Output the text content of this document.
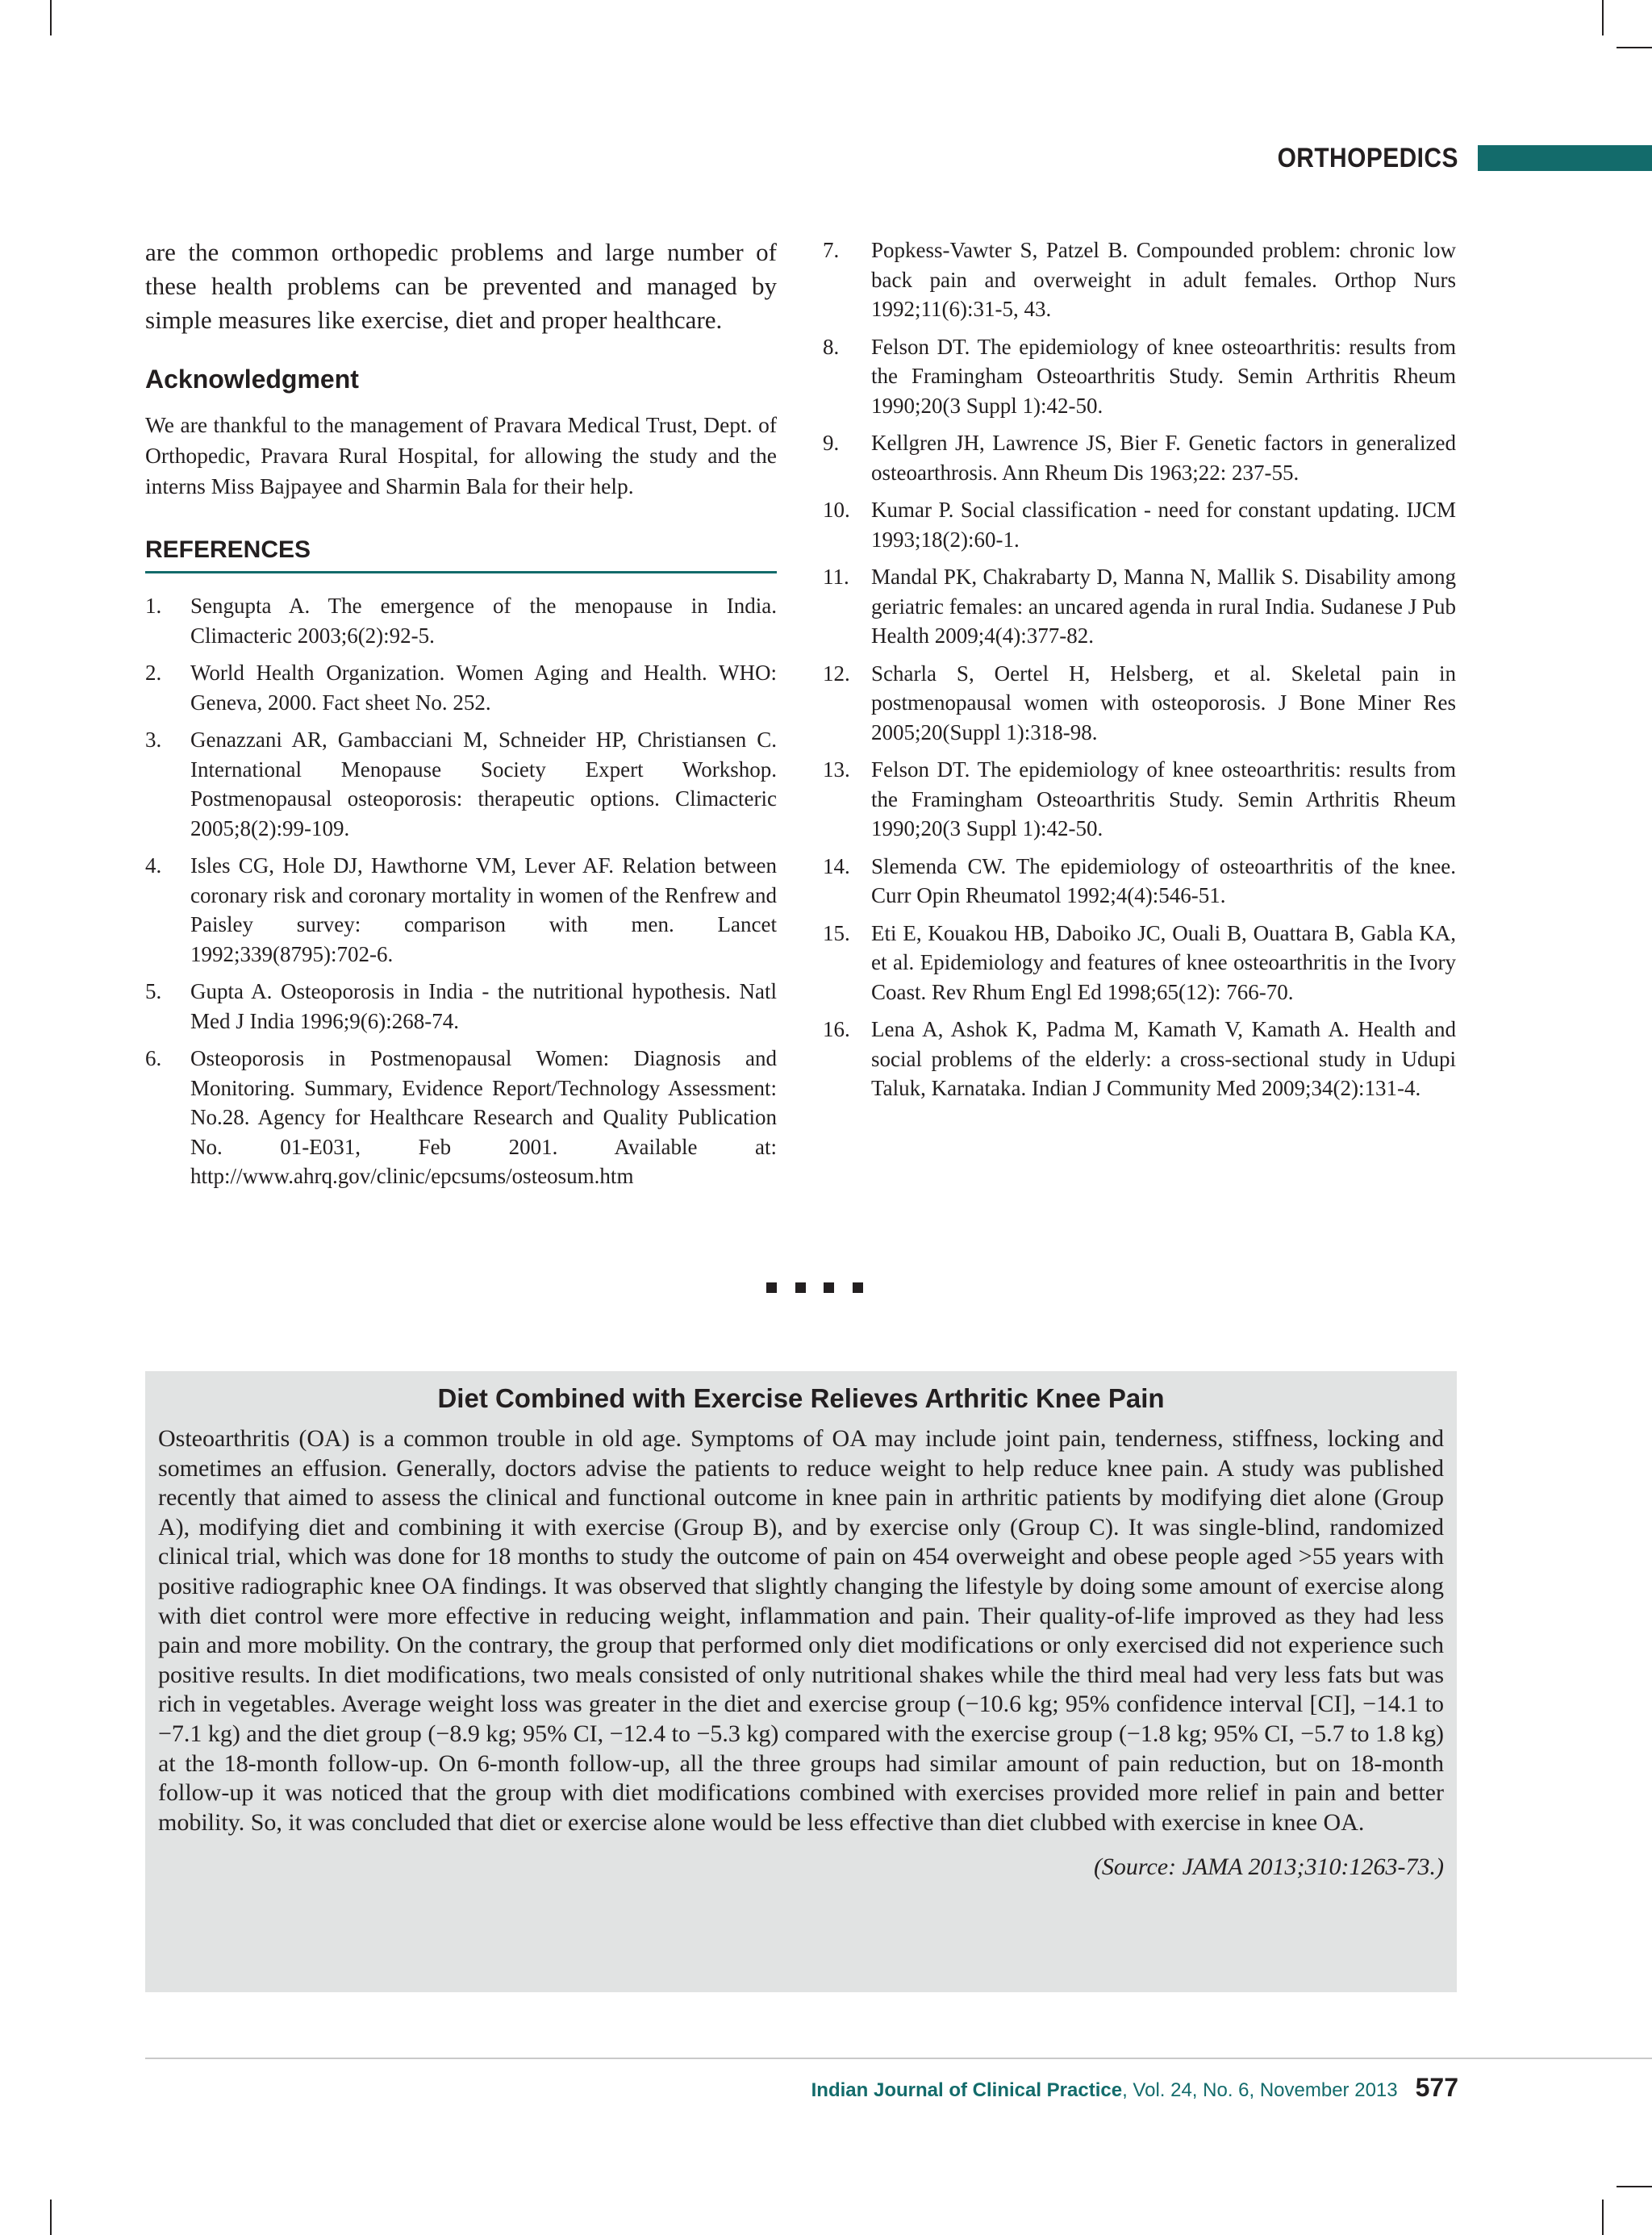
ORTHOPEDICS

are the common orthopedic problems and large number of these health problems can be prevented and managed by simple measures like exercise, diet and proper healthcare.

Acknowledgment

We are thankful to the management of Pravara Medical Trust, Dept. of Orthopedic, Pravara Rural Hospital, for allowing the study and the interns Miss Bajpayee and Sharmin Bala for their help.

REFERENCES
1.	Sengupta A. The emergence of the menopause in India. Climacteric 2003;6(2):92-5.
2.	World Health Organization. Women Aging and Health. WHO: Geneva, 2000. Fact sheet No. 252.
3.	Genazzani AR, Gambacciani M, Schneider HP, Christiansen C. International Menopause Society Expert Workshop. Postmenopausal osteoporosis: therapeutic options. Climacteric 2005;8(2):99-109.
4.	Isles CG, Hole DJ, Hawthorne VM, Lever AF. Relation between coronary risk and coronary mortality in women of the Renfrew and Paisley survey: comparison with men. Lancet 1992;339(8795):702-6.
5.	Gupta A. Osteoporosis in India - the nutritional hypothesis. Natl Med J India 1996;9(6):268-74.
6.	Osteoporosis in Postmenopausal Women: Diagnosis and Monitoring. Summary, Evidence Report/Technology Assessment: No.28. Agency for Healthcare Research and Quality Publication No. 01-E031, Feb 2001. Available at: http://www.ahrq.gov/clinic/epcsums/osteosum.htm
7.	Popkess-Vawter S, Patzel B. Compounded problem: chronic low back pain and overweight in adult females. Orthop Nurs 1992;11(6):31-5, 43.
8.	Felson DT. The epidemiology of knee osteoarthritis: results from the Framingham Osteoarthritis Study. Semin Arthritis Rheum 1990;20(3 Suppl 1):42-50.
9.	Kellgren JH, Lawrence JS, Bier F. Genetic factors in generalized osteoarthrosis. Ann Rheum Dis 1963;22: 237-55.
10. Kumar P. Social classification - need for constant updating. IJCM 1993;18(2):60-1.
11.	Mandal PK, Chakrabarty D, Manna N, Mallik S. Disability among geriatric females: an uncared agenda in rural India. Sudanese J Pub Health 2009;4(4):377-82.
12. Scharla S, Oertel H, Helsberg, et al. Skeletal pain in postmenopausal women with osteoporosis. J Bone Miner Res 2005;20(Suppl 1):318-98.
13. Felson DT. The epidemiology of knee osteoarthritis: results from the Framingham Osteoarthritis Study. Semin Arthritis Rheum 1990;20(3 Suppl 1):42-50.
14. Slemenda CW. The epidemiology of osteoarthritis of the knee. Curr Opin Rheumatol 1992;4(4):546-51.
15. Eti E, Kouakou HB, Daboiko JC, Ouali B, Ouattara B, Gabla KA, et al. Epidemiology and features of knee osteoarthritis in the Ivory Coast. Rev Rhum Engl Ed 1998;65(12): 766-70.
16. Lena A, Ashok K, Padma M, Kamath V, Kamath A. Health and social problems of the elderly: a cross-sectional study in Udupi Taluk, Karnataka. Indian J Community Med 2009;34(2):131-4.
Diet Combined with Exercise Relieves Arthritic Knee Pain

Osteoarthritis (OA) is a common trouble in old age. Symptoms of OA may include joint pain, tenderness, stiffness, locking and sometimes an effusion. Generally, doctors advise the patients to reduce weight to help reduce knee pain. A study was published recently that aimed to assess the clinical and functional outcome in knee pain in arthritic patients by modifying diet alone (Group A), modifying diet and combining it with exercise (Group B), and by exercise only (Group C). It was single-blind, randomized clinical trial, which was done for 18 months to study the outcome of pain on 454 overweight and obese people aged >55 years with positive radiographic knee OA findings. It was observed that slightly changing the lifestyle by doing some amount of exercise along with diet control were more effective in reducing weight, inflammation and pain. Their quality-of-life improved as they had less pain and more mobility. On the contrary, the group that performed only diet modifications or only exercised did not experience such positive results. In diet modifications, two meals consisted of only nutritional shakes while the third meal had very less fats but was rich in vegetables. Average weight loss was greater in the diet and exercise group (−10.6 kg; 95% confidence interval [CI], −14.1 to −7.1 kg) and the diet group (−8.9 kg; 95% CI, −12.4 to −5.3 kg) compared with the exercise group (−1.8 kg; 95% CI, −5.7 to 1.8 kg) at the 18-month follow-up. On 6-month follow-up, all the three groups had similar amount of pain reduction, but on 18-month follow-up it was noticed that the group with diet modifications combined with exercises provided more relief in pain and better mobility. So, it was concluded that diet or exercise alone would be less effective than diet clubbed with exercise in knee OA.

(Source: JAMA 2013;310:1263-73.)

Indian Journal of Clinical Practice, Vol. 24, No. 6, November 2013 577
